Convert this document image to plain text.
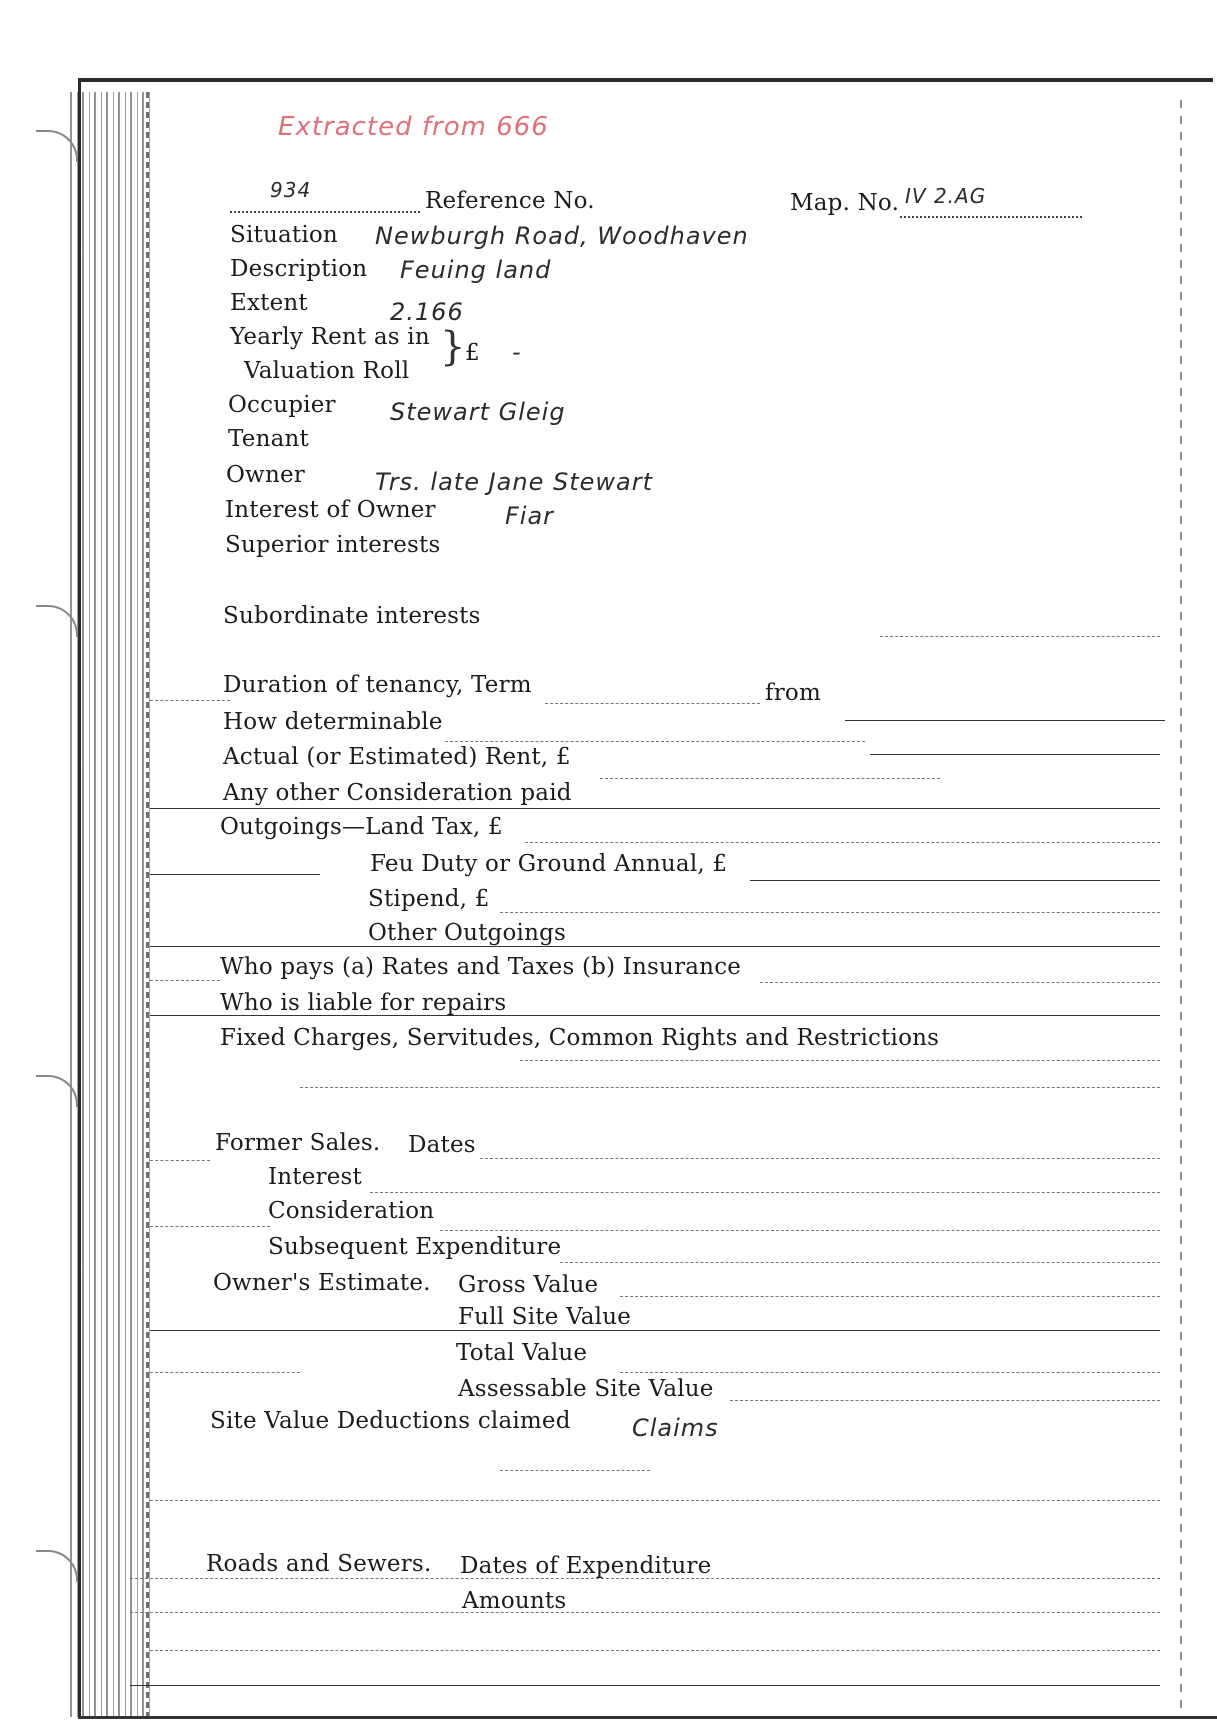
Extracted from 666
934	Reference No.	Map. No. IV 2.AG
Situation Newburgh Road, Woodhaven
Description Feuing land
Extent	2.166
Yearly Rent as in
Valuation Roll
} £ -
Occupier Stewart Gleig
Tenant
Owner	Trs. late Jane Stewart
Interest of Owner	Fiar
Superior interests
Subordinate interests
Duration of tenancy, Term	from
How determinable
Actual (or Estimated) Rent, £
Any other Consideration paid
Outgoings—Land Tax, £
Feu Duty or Ground Annual, £
Stipend, £
Other Outgoings
Who pays (a) Rates and Taxes (b) Insurance
Who is liable for repairs
Fixed Charges, Servitudes, Common Rights and Restrictions
Former Sales. Dates
Interest
Consideration
Subsequent Expenditure
Owner's Estimate. Gross Value
Full Site Value
Total Value
Assessable Site Value
Site Value Deductions claimed	Claims
Roads and Sewers. Dates of Expenditure
Amounts
